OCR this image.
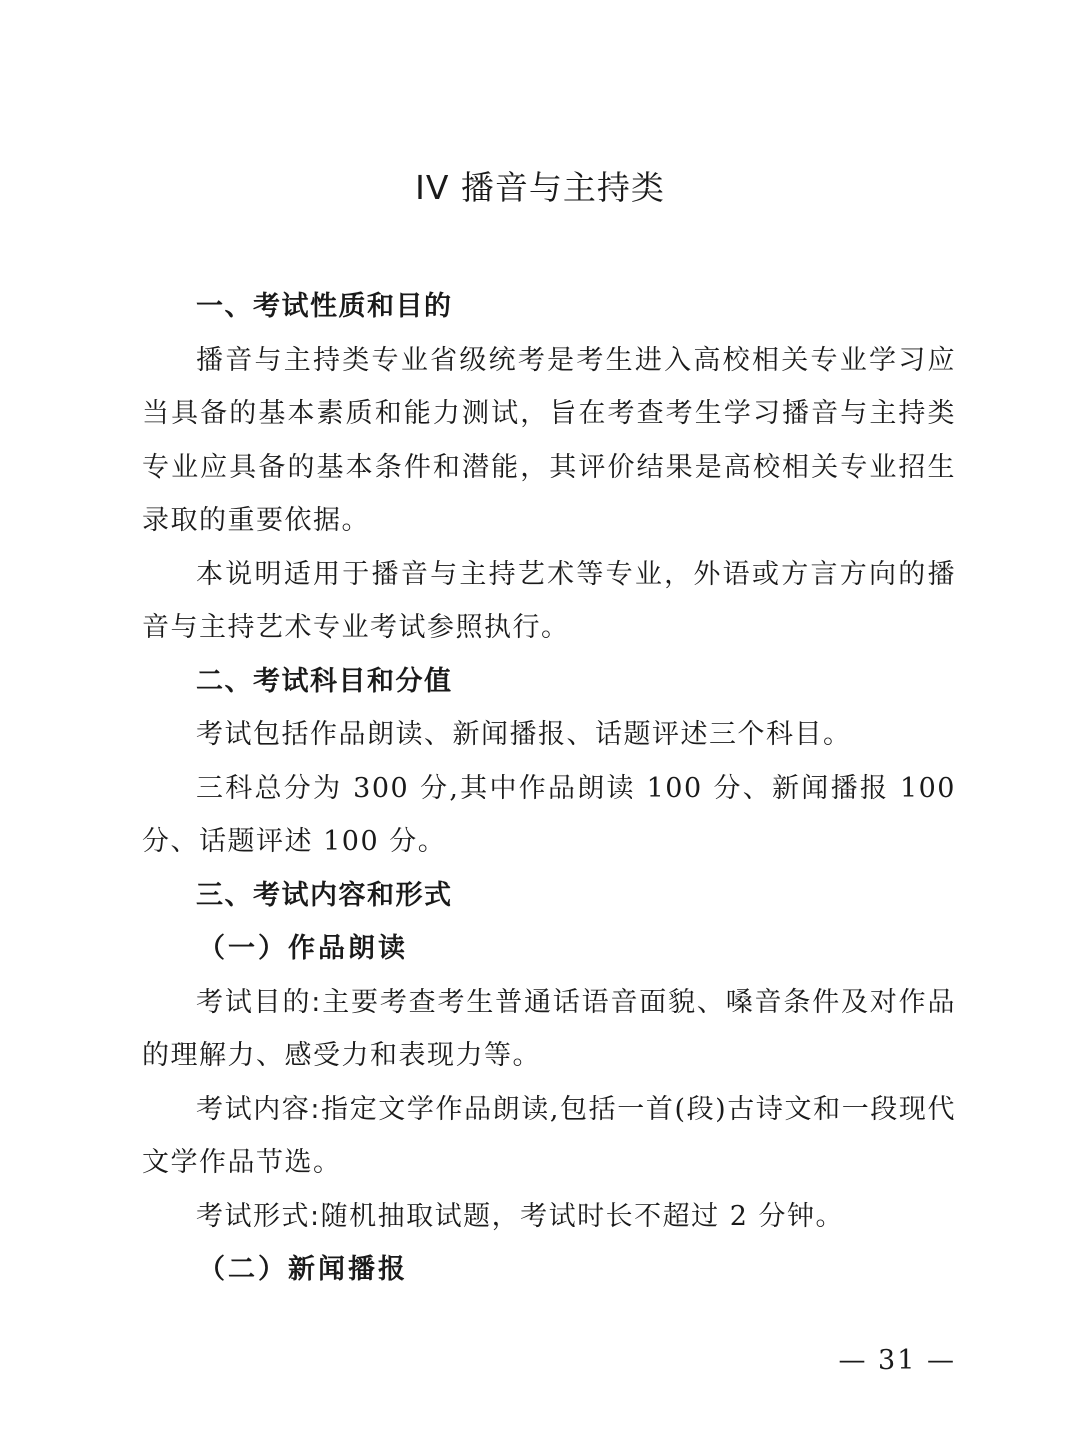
IV 播音与主持类
一、考试性质和目的

播音与主持类专业省级统考是考生进入高校相关专业学习应当具备的基本素质和能力测试，旨在考查考生学习播音与主持类专业应具备的基本条件和潜能，其评价结果是高校相关专业招生录取的重要依据。

本说明适用于播音与主持艺术等专业，外语或方言方向的播音与主持艺术专业考试参照执行。

二、考试科目和分值

考试包括作品朗读、新闻播报、话题评述三个科目。

三科总分为 300 分,其中作品朗读 100 分、新闻播报 100 分、话题评述 100 分。

三、考试内容和形式
（一）作品朗读

考试目的:主要考查考生普通话语音面貌、嗓音条件及对作品的理解力、感受力和表现力等。

考试内容:指定文学作品朗读,包括一首(段)古诗文和一段现代文学作品节选。

考试形式:随机抽取试题，考试时长不超过 2 分钟。

（二）新闻播报
— 31 —
